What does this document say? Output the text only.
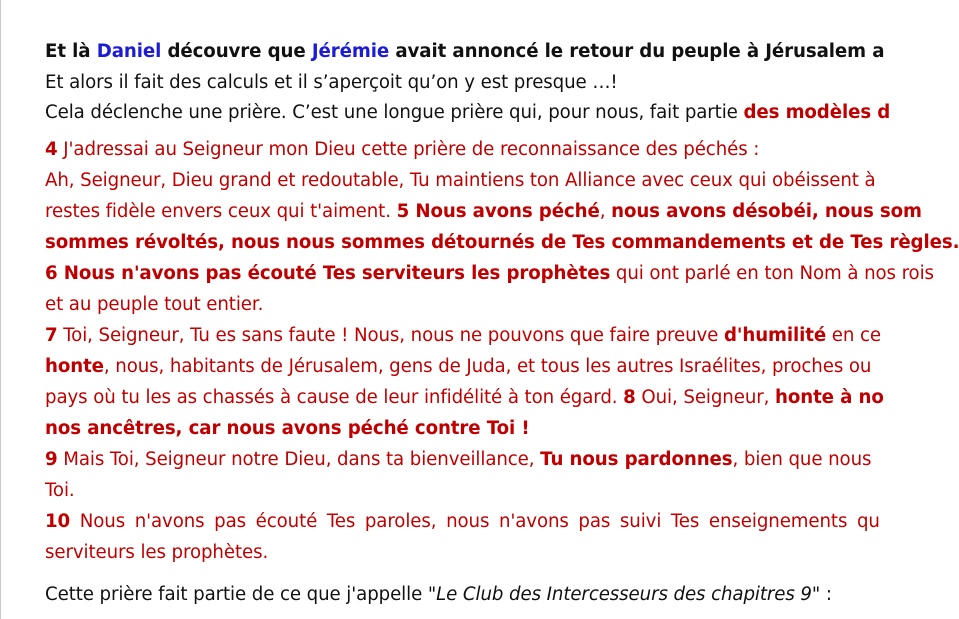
Et là Daniel découvre que Jérémie avait annoncé le retour du peuple à Jérusalem a
Et alors il fait des calculs et il s’aperçoit qu’on y est presque …!
Cela déclenche une prière. C’est une longue prière qui, pour nous, fait partie des modèles d
4 J'adressai au Seigneur mon Dieu cette prière de reconnaissance des péchés :
Ah, Seigneur, Dieu grand et redoutable, Tu maintiens ton Alliance avec ceux qui obéissent à
restes fidèle envers ceux qui t'aiment. 5 Nous avons péché, nous avons désobéi, nous som
sommes révoltés, nous nous sommes détournés de Tes commandements et de Tes règles.
6 Nous n'avons pas écouté Tes serviteurs les prophètes qui ont parlé en ton Nom à nos rois
et au peuple tout entier.
7 Toi, Seigneur, Tu es sans faute ! Nous, nous ne pouvons que faire preuve d'humilité en ce
honte, nous, habitants de Jérusalem, gens de Juda, et tous les autres Israélites, proches ou
pays où tu les as chassés à cause de leur infidélité à ton égard. 8 Oui, Seigneur, honte à no
nos ancêtres, car nous avons péché contre Toi !
9 Mais Toi, Seigneur notre Dieu, dans ta bienveillance, Tu nous pardonnes, bien que nous
Toi.
10 Nous n'avons pas écouté Tes paroles, nous n'avons pas suivi Tes enseignements qu
serviteurs les prophètes.
Cette prière fait partie de ce que j'appelle "Le Club des Intercesseurs des chapitres 9" :
